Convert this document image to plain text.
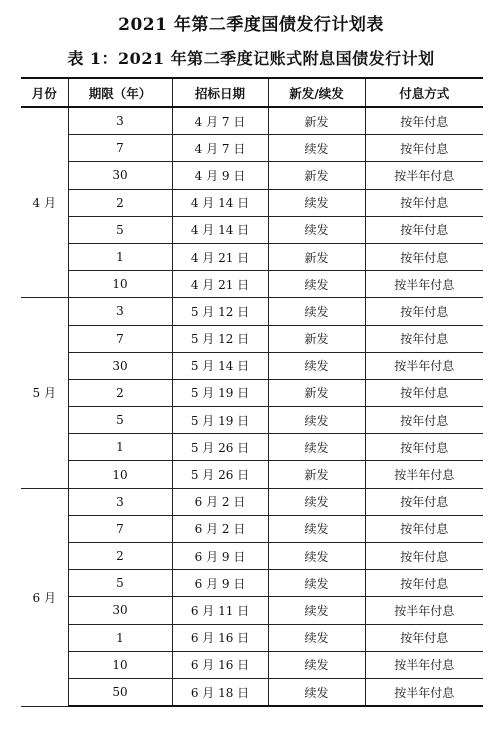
2021 年第二季度国债发行计划表
表 1：2021 年第二季度记账式附息国债发行计划
月份	期限（年）	招标日期	新发/续发	付息方式
4 月	3	4 月 7 日	新发	按年付息
	7	4 月 7 日	续发	按年付息
	30	4 月 9 日	新发	按半年付息
	2	4 月 14 日	续发	按年付息
	5	4 月 14 日	续发	按年付息
	1	4 月 21 日	新发	按年付息
	10	4 月 21 日	续发	按半年付息
5 月	3	5 月 12 日	续发	按年付息
	7	5 月 12 日	新发	按年付息
	30	5 月 14 日	续发	按半年付息
	2	5 月 19 日	新发	按年付息
	5	5 月 19 日	续发	按年付息
	1	5 月 26 日	续发	按年付息
	10	5 月 26 日	新发	按半年付息
6 月	3	6 月 2 日	续发	按年付息
	7	6 月 2 日	续发	按年付息
	2	6 月 9 日	续发	按年付息
	5	6 月 9 日	续发	按年付息
	30	6 月 11 日	续发	按半年付息
	1	6 月 16 日	续发	按年付息
	10	6 月 16 日	续发	按半年付息
	50	6 月 18 日	续发	按半年付息
